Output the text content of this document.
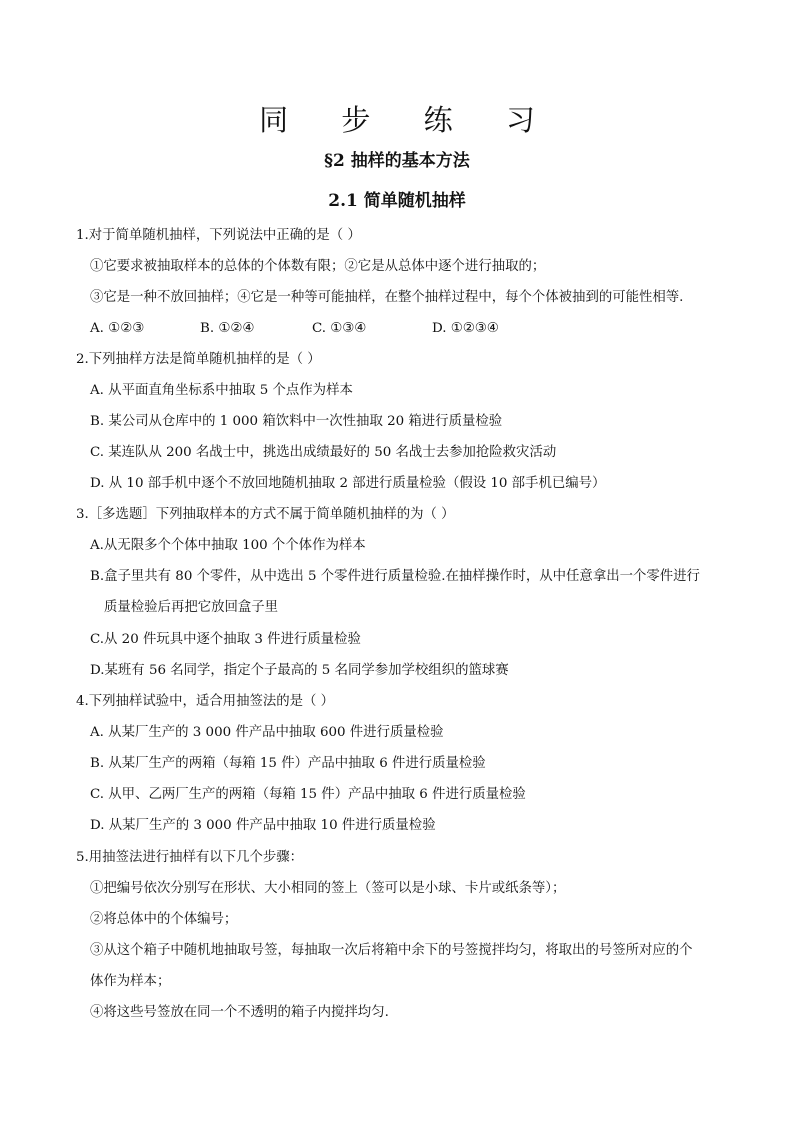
同 步 练 习
§2 抽样的基本方法
2.1 简单随机抽样
1.对于简单随机抽样，下列说法中正确的是（ ）
①它要求被抽取样本的总体的个体数有限；②它是从总体中逐个进行抽取的；
③它是一种不放回抽样；④它是一种等可能抽样，在整个抽样过程中，每个个体被抽到的可能性相等.
A. ①②③	B. ①②④	C. ①③④	D. ①②③④
2.下列抽样方法是简单随机抽样的是（ ）
A. 从平面直角坐标系中抽取 5 个点作为样本
B. 某公司从仓库中的 1 000 箱饮料中一次性抽取 20 箱进行质量检验
C. 某连队从 200 名战士中，挑选出成绩最好的 50 名战士去参加抢险救灾活动
D. 从 10 部手机中逐个不放回地随机抽取 2 部进行质量检验（假设 10 部手机已编号）
3.［多选题］下列抽取样本的方式不属于简单随机抽样的为（ ）
A.从无限多个个体中抽取 100 个个体作为样本
B.盒子里共有 80 个零件，从中选出 5 个零件进行质量检验.在抽样操作时，从中任意拿出一个零件进行
质量检验后再把它放回盒子里
C.从 20 件玩具中逐个抽取 3 件进行质量检验
D.某班有 56 名同学，指定个子最高的 5 名同学参加学校组织的篮球赛
4.下列抽样试验中，适合用抽签法的是（ ）
A. 从某厂生产的 3 000 件产品中抽取 600 件进行质量检验
B. 从某厂生产的两箱（每箱 15 件）产品中抽取 6 件进行质量检验
C. 从甲、乙两厂生产的两箱（每箱 15 件）产品中抽取 6 件进行质量检验
D. 从某厂生产的 3 000 件产品中抽取 10 件进行质量检验
5.用抽签法进行抽样有以下几个步骤：
①把编号依次分别写在形状、大小相同的签上（签可以是小球、卡片或纸条等）；
②将总体中的个体编号；
③从这个箱子中随机地抽取号签，每抽取一次后将箱中余下的号签搅拌均匀，将取出的号签所对应的个
体作为样本；
④将这些号签放在同一个不透明的箱子内搅拌均匀.
